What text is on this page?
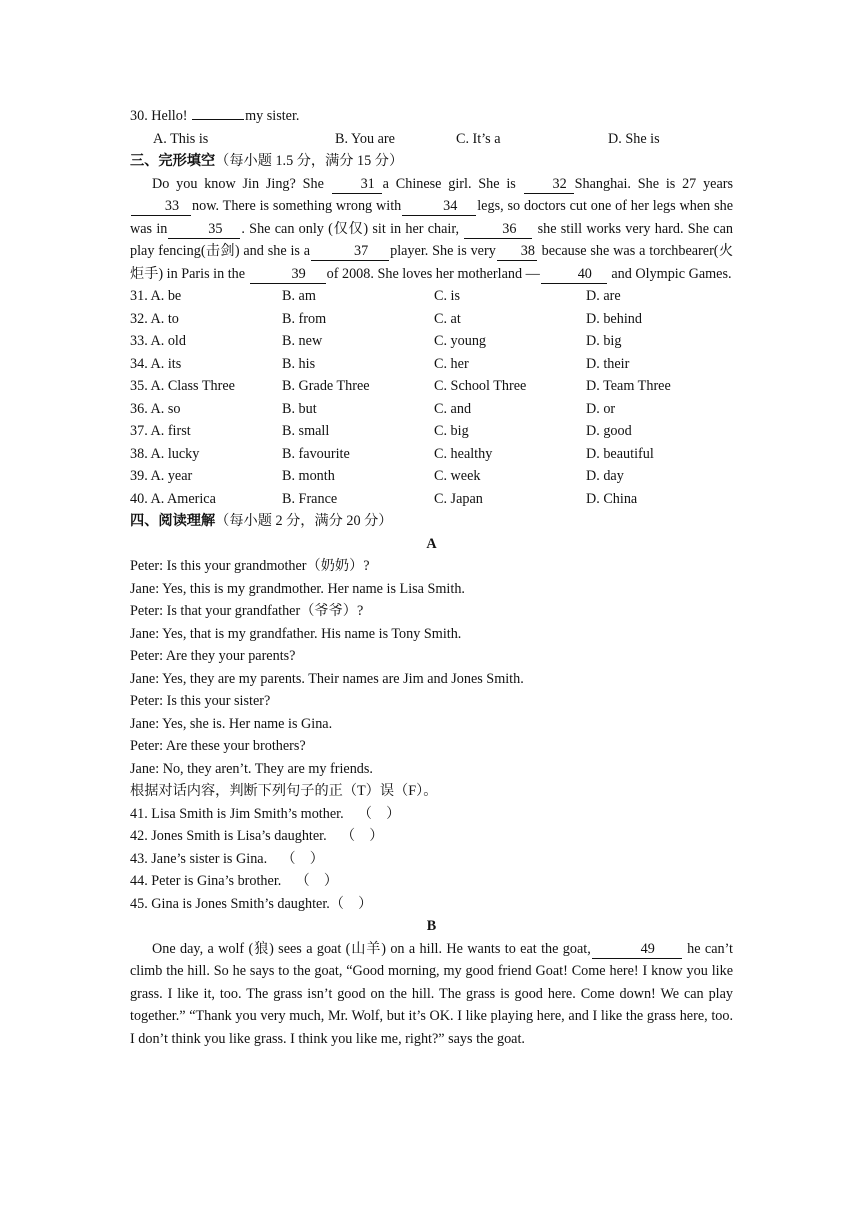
30. Hello!	my sister.
A. This is	B. You are	C. It’s a	D. She is
三、完形填空（每小题 1.5 分，满分 15 分）
Do you know Jin Jing? She 31 a Chinese girl. She is 32 Shanghai. She is 27 years 33 now. There is something wrong with	34 legs, so doctors cut one of her legs when she was in	35 . She can only (仅仅) sit in her chair,	36 she still works very hard. She can play fencing(击剑) and she is a	37 player. She is very 38 because she was a torchbearer(火炬手) in Paris in the	39 of 2008. She loves her motherland —	40 and Olympic Games.
31. A. be	B. am	C. is	D. are
32. A. to	B. from	C. at	D. behind
33. A. old	B. new	C. young	D. big
34. A. its	B. his	C. her	D. their
35. A. Class Three	B. Grade Three	C. School Three	D. Team Three
36. A. so	B. but	C. and	D. or
37. A. first	B. small	C. big	D. good
38. A. lucky	B. favourite	C. healthy	D. beautiful
39. A. year	B. month	C. week	D. day
40. A. America	B. France	C. Japan	D. China
四、阅读理解（每小题 2 分，满分 20 分）
A
Peter: Is this your grandmother（奶奶）?
Jane: Yes, this is my grandmother. Her name is Lisa Smith.
Peter: Is that your grandfather（爷爷）?
Jane: Yes, that is my grandfather. His name is Tony Smith.
Peter: Are they your parents?
Jane: Yes, they are my parents. Their names are Jim and Jones Smith.
Peter: Is this your sister?
Jane: Yes, she is. Her name is Gina.
Peter: Are these your brothers?
Jane: No, they aren’t. They are my friends.
根据对话内容，判断下列句子的正（T）误（F）。
41. Lisa Smith is Jim Smith’s mother.    （    ）
42. Jones Smith is Lisa’s daughter.    （    ）
43. Jane’s sister is Gina.    （    ）
44. Peter is Gina’s brother.    （    ）
45. Gina is Jones Smith’s daughter.（    ）
B
One day, a wolf (狼) sees a goat (山羊) on a hill. He wants to eat the goat,	49 he can’t climb the hill. So he says to the goat, “Good morning, my good friend Goat! Come here! I know you like grass. I like it, too. The grass isn’t good on the hill. The grass is good here. Come down! We can play together.” “Thank you very much, Mr. Wolf, but it’s OK. I like playing here, and I like the grass here, too. I don’t think you like grass. I think you like me, right?” says the goat.
